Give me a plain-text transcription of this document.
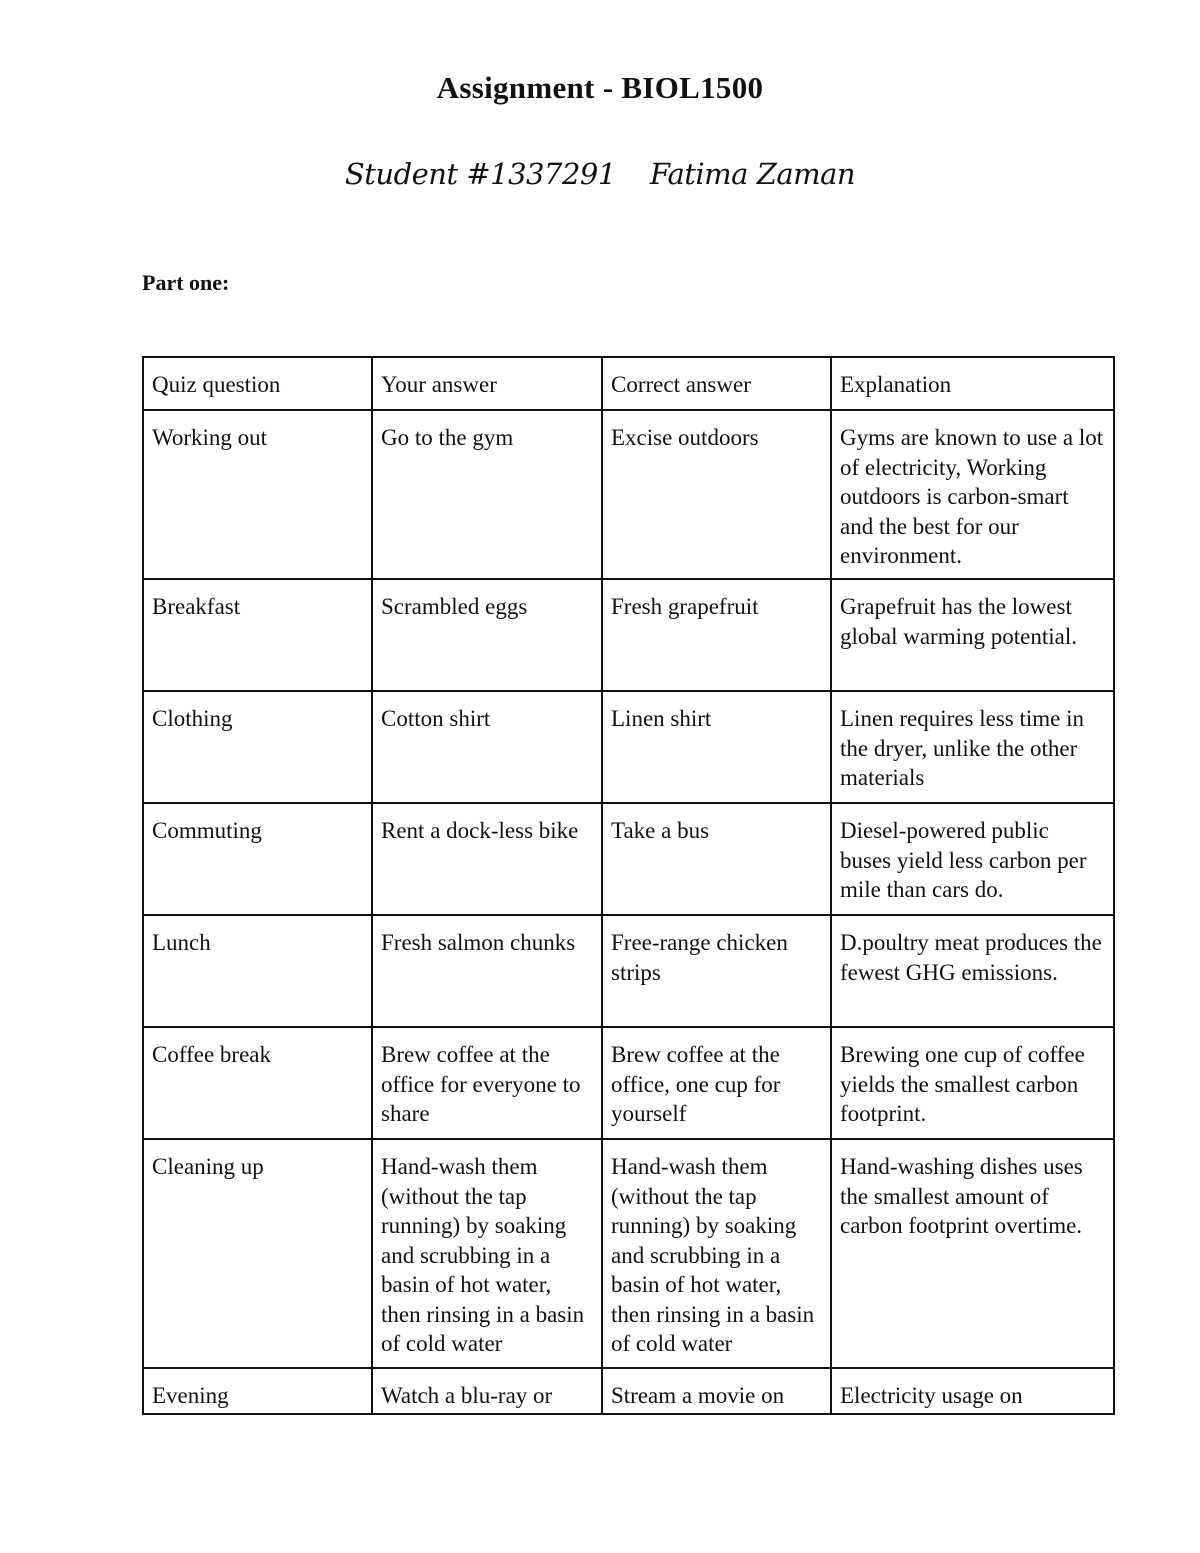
Assignment - BIOL1500
Student #1337291 Fatima Zaman
Part one:
Quiz question	Your answer	Correct answer	Explanation
Working out	Go to the gym	Excise outdoors	Gyms are known to use a lot of electricity, Working outdoors is carbon-smart and the best for our environment.
Breakfast	Scrambled eggs	Fresh grapefruit	Grapefruit has the lowest global warming potential.
Clothing	Cotton shirt	Linen shirt	Linen requires less time in the dryer, unlike the other materials
Commuting	Rent a dock-less bike	Take a bus	Diesel-powered public buses yield less carbon per mile than cars do.
Lunch	Fresh salmon chunks	Free-range chicken strips	D.poultry meat produces the fewest GHG emissions.
Coffee break	Brew coffee at the office for everyone to share	Brew coffee at the office, one cup for yourself	Brewing one cup of coffee yields the smallest carbon footprint.
Cleaning up	Hand-wash them (without the tap running) by soaking and scrubbing in a basin of hot water, then rinsing in a basin of cold water	Hand-wash them (without the tap running) by soaking and scrubbing in a basin of hot water, then rinsing in a basin of cold water	Hand-washing dishes uses the smallest amount of carbon footprint overtime.
Evening	Watch a blu-ray or	Stream a movie on	Electricity usage on
